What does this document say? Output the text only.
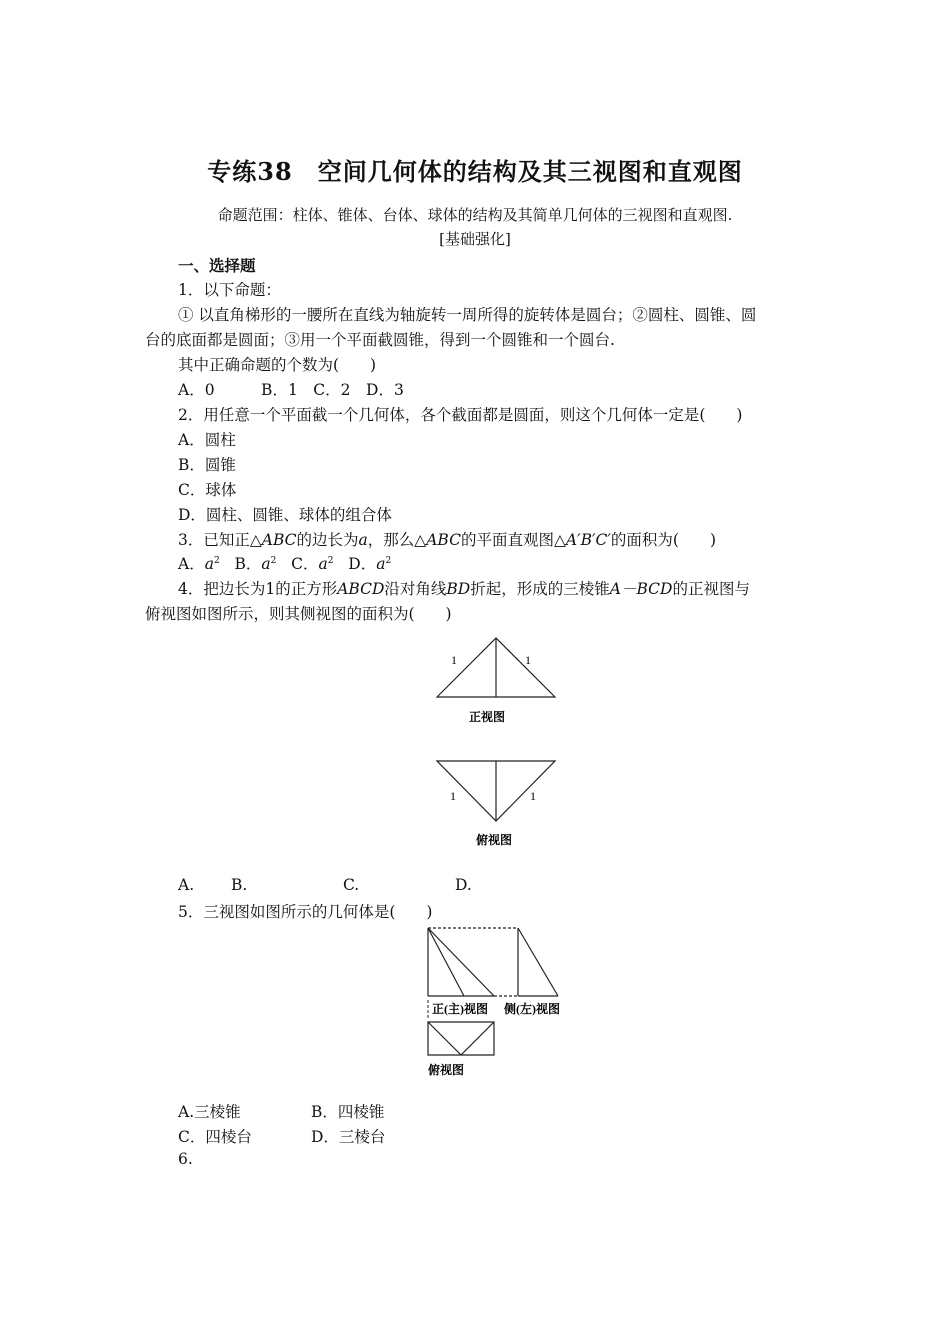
专练38　空间几何体的结构及其三视图和直观图
命题范围：柱体、锥体、台体、球体的结构及其简单几何体的三视图和直观图.
[基础强化]
一、选择题
1．以下命题：
① 以直角梯形的一腰所在直线为轴旋转一周所得的旋转体是圆台；②圆柱、圆锥、圆
台的底面都是圆面；③用一个平面截圆锥，得到一个圆锥和一个圆台.
其中正确命题的个数为(　　)
A．0　　　B．1　C．2　D．3
2．用任意一个平面截一个几何体，各个截面都是圆面，则这个几何体一定是(　　)
A．圆柱
B．圆锥
C．球体
D．圆柱、圆锥、球体的组合体
3．已知正△ABC的边长为a，那么△ABC的平面直观图△A′B′C′的面积为(　　)
A．$a^2$ B．$a^2$ C．$a^2$ D．$a^2$
4．把边长为1的正方形ABCD沿对角线BD折起，形成的三棱锥A－BCD的正视图与
俯视图如图所示，则其侧视图的面积为(　　)
1	1
正视图
1	1
俯视图
A. B.	C.	D.
5．三视图如图所示的几何体是(　　)
正(主)视图 侧(左)视图
俯视图
A.三棱锥	B．四棱锥
C．四棱台	D．三棱台
6.
